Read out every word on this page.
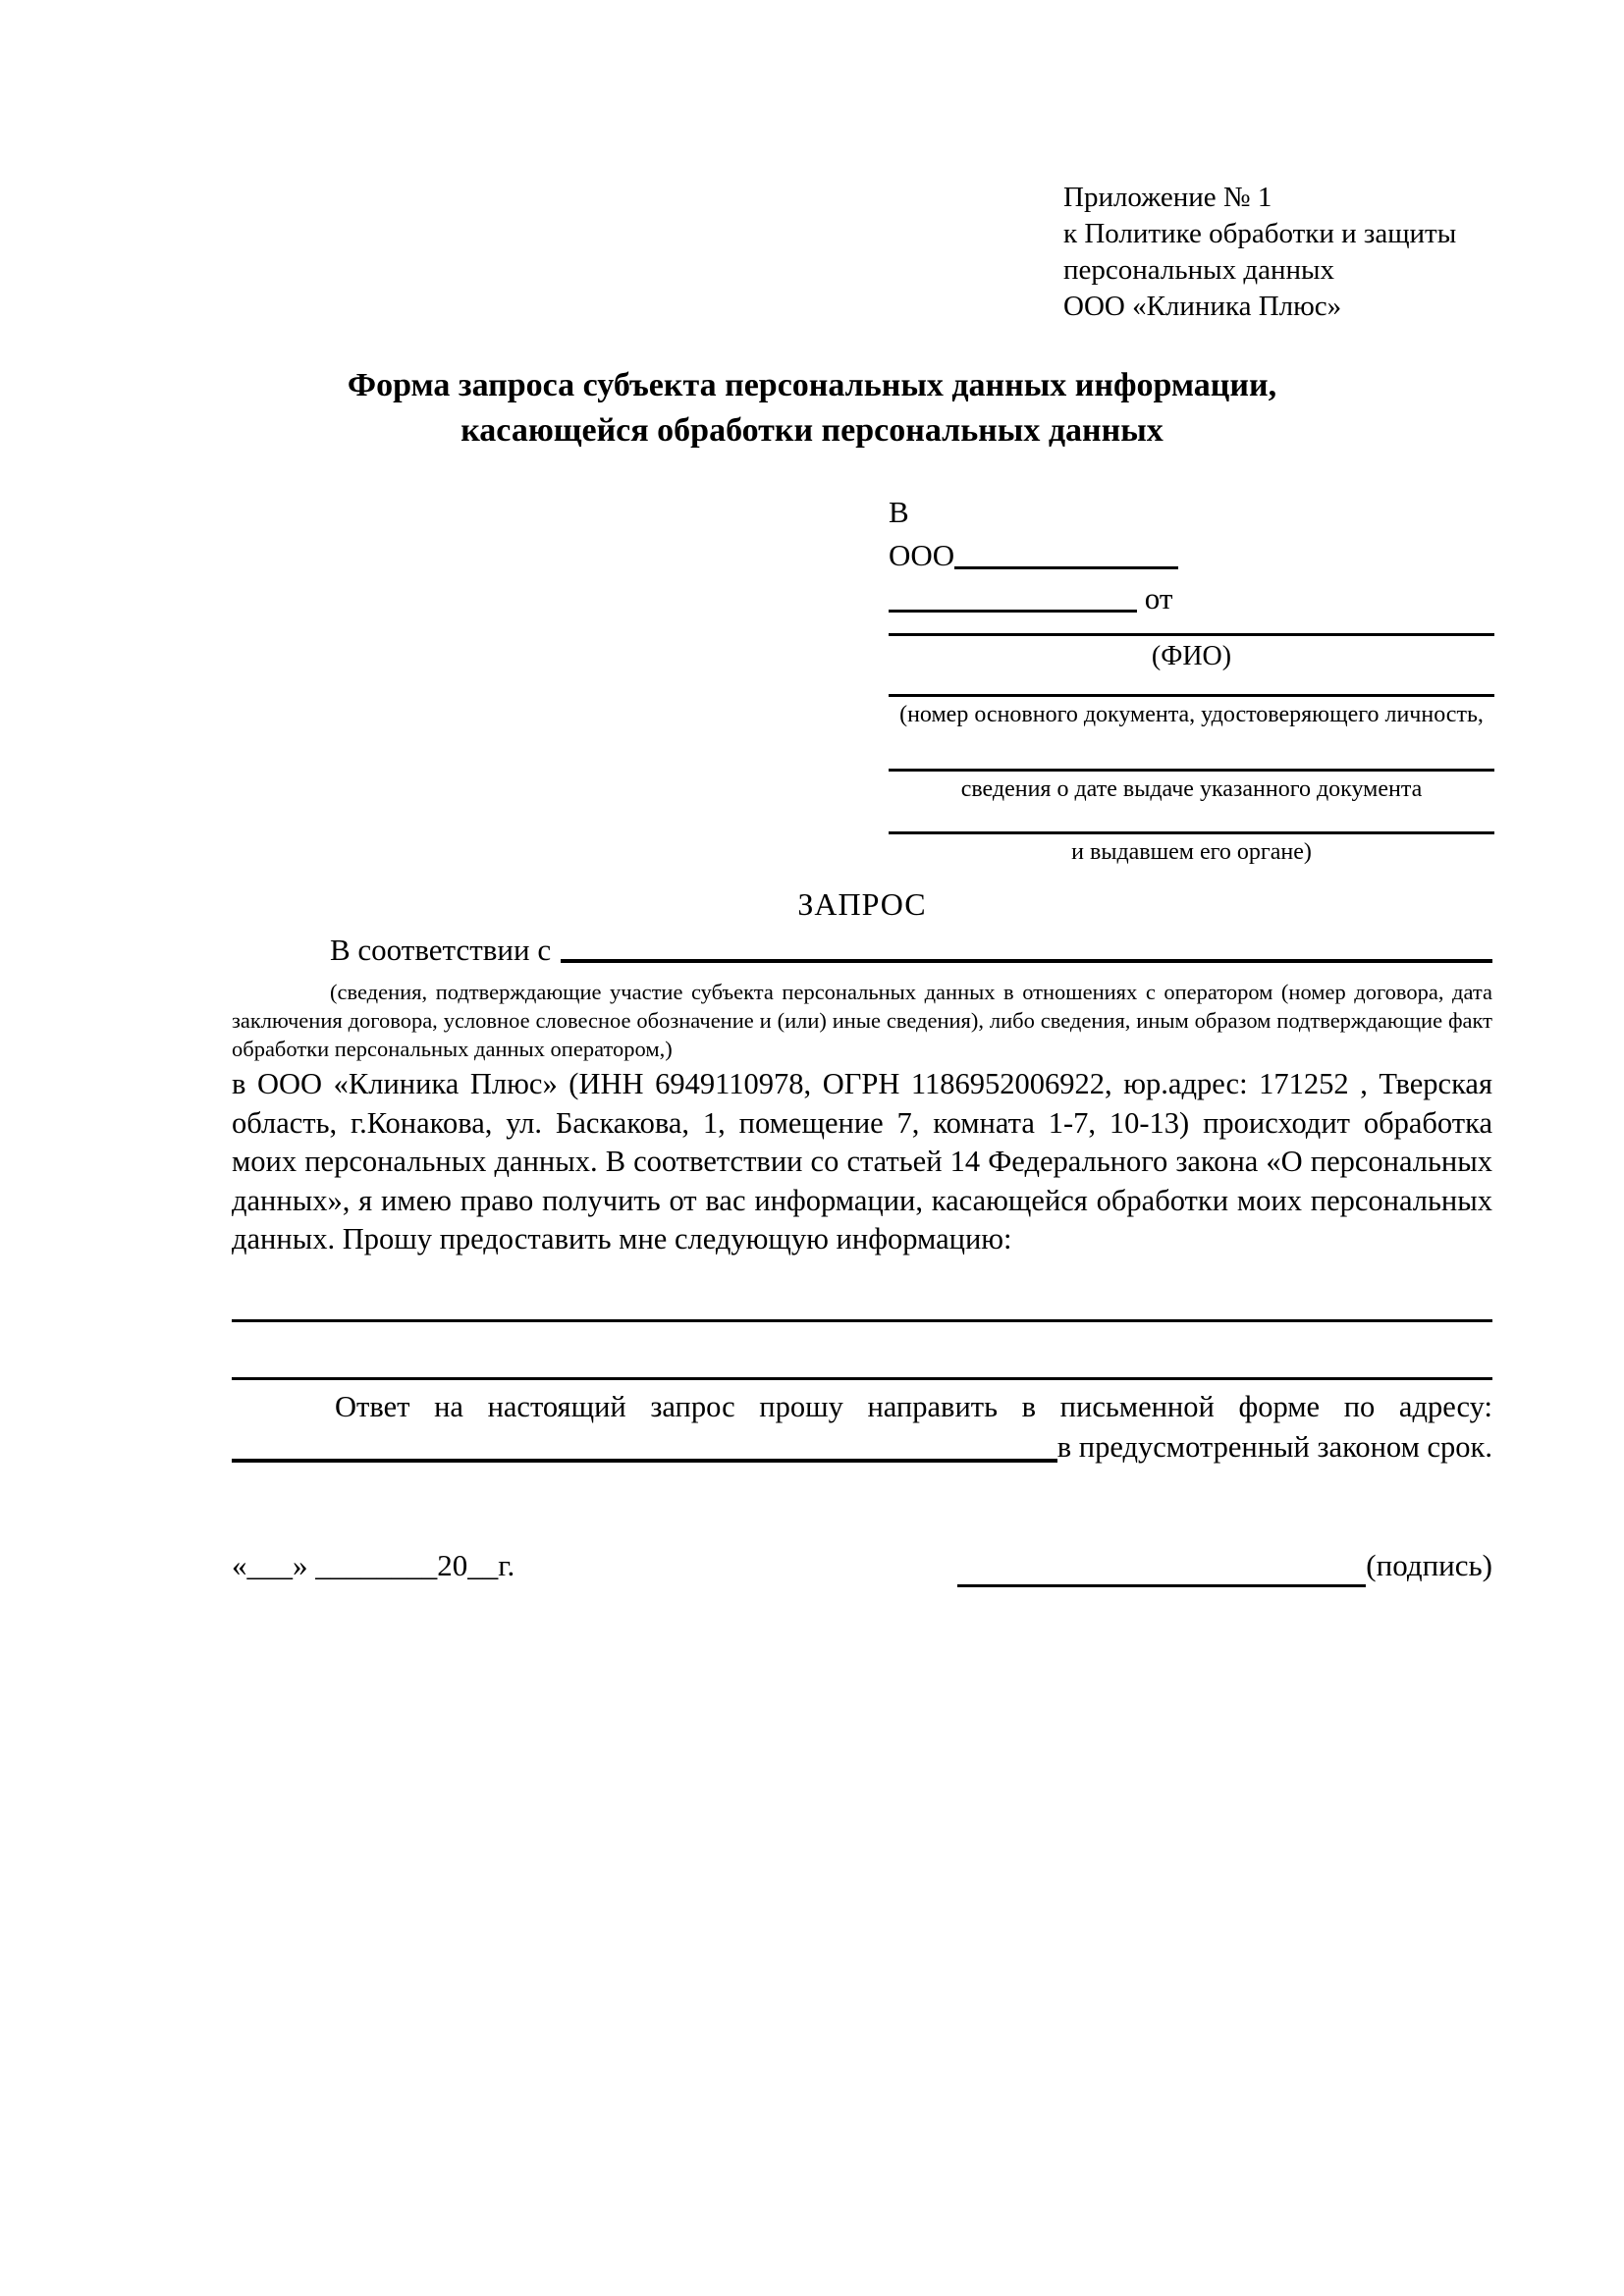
Приложение № 1
к Политике обработки и защиты
персональных данных
ООО «Клиника Плюс»
Форма запроса субъекта персональных данных информации,
касающейся обработки персональных данных
В
ООО
от
(ФИО)
(номер основного документа, удостоверяющего личность,
сведения о дате выдаче указанного документа
и выдавшем его органе)
ЗАПРОС
В соответствии с
(сведения, подтверждающие участие субъекта персональных данных в отношениях с оператором (номер договора, дата заключения договора, условное словесное обозначение и (или) иные сведения), либо сведения, иным образом подтверждающие факт обработки персональных данных оператором,)
в ООО «Клиника Плюс» (ИНН 6949110978, ОГРН 1186952006922, юр.адрес: 171252 , Тверская область, г.Конакова, ул. Баскакова, 1, помещение 7, комната 1-7, 10-13) происходит обработка моих персональных данных. В соответствии со статьей 14 Федерального закона «О персональных данных», я имею право получить от вас информации, касающейся обработки моих персональных данных. Прошу предоставить мне следующую информацию:
Ответ на настоящий запрос прошу направить в письменной форме по адресу:
в предусмотренный законом срок.
«___» ________20__г.	(подпись)
